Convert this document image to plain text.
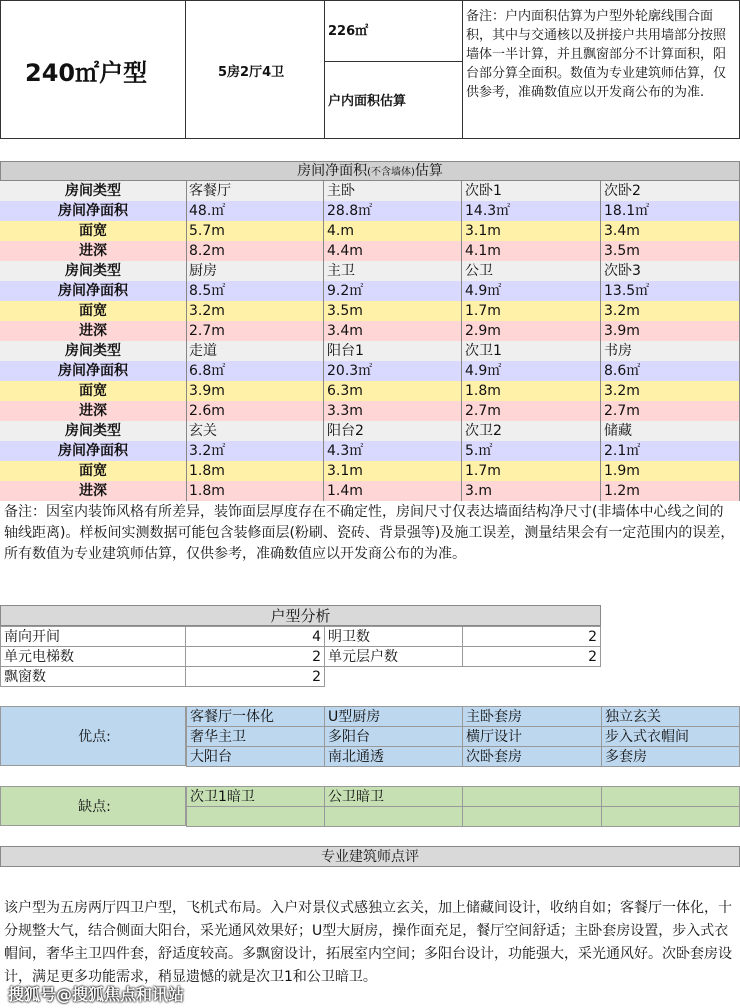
240㎡户型	5房2厅4卫
226㎡
户内面积估算
备注：户内面积估算为户型外轮廓线围合面积，其中与交通核以及拼接户共用墙部分按照墙体一半计算，并且飘窗部分不计算面积，阳台部分算全面积。数值为专业建筑师估算，仅供参考，准确数值应以开发商公布的为准.
房间净面积(不含墙体)估算
房间类型	客餐厅	主卧	次卧1	次卧2
房间净面积	48.㎡	28.8㎡	14.3㎡	18.1㎡
面宽	5.7m	4.m	3.1m	3.4m
进深	8.2m	4.4m	4.1m	3.5m
房间类型	厨房	主卫	公卫	次卧3
房间净面积	8.5㎡	9.2㎡	4.9㎡	13.5㎡
面宽	3.2m	3.5m	1.7m	3.2m
进深	2.7m	3.4m	2.9m	3.9m
房间类型	走道	阳台1	次卫1	书房
房间净面积	6.8㎡	20.3㎡	4.9㎡	8.6㎡
面宽	3.9m	6.3m	1.8m	3.2m
进深	2.6m	3.3m	2.7m	2.7m
房间类型	玄关	阳台2	次卫2	储藏
房间净面积	3.2㎡	4.3㎡	5.㎡	2.1㎡
面宽	1.8m	3.1m	1.7m	1.9m
进深	1.8m	1.4m	3.m	1.2m
备注：因室内装饰风格有所差异，装饰面层厚度存在不确定性，房间尺寸仅表达墙面结构净尺寸(非墙体中心线之间的轴线距离)。样板间实测数据可能包含装修面层(粉刷、瓷砖、背景强等)及施工误差，测量结果会有一定范围内的误差，所有数值为专业建筑师估算，仅供参考，准确数值应以开发商公布的为准。
户型分析
南向开间	4 明卫数	2
单元电梯数	2 单元层户数	2
飘窗数	2
优点:
客餐厅一体化	U型厨房	主卧套房	独立玄关
奢华主卫	多阳台	横厅设计	步入式衣帽间
大阳台	南北通透	次卧套房	多套房
缺点:
次卫1暗卫	公卫暗卫
专业建筑师点评
该户型为五房两厅四卫户型，飞机式布局。入户对景仪式感独立玄关，加上储藏间设计，收纳自如；客餐厅一体化，十分规整大气，结合侧面大阳台，采光通风效果好；U型大厨房，操作面充足，餐厅空间舒适；主卧套房设置，步入式衣帽间，奢华主卫四件套，舒适度较高。多飘窗设计，拓展室内空间；多阳台设计，功能强大，采光通风好。次卧套房设计，满足更多功能需求，稍显遗憾的就是次卫1和公卫暗卫。
搜狐号@搜狐焦点和讯站
